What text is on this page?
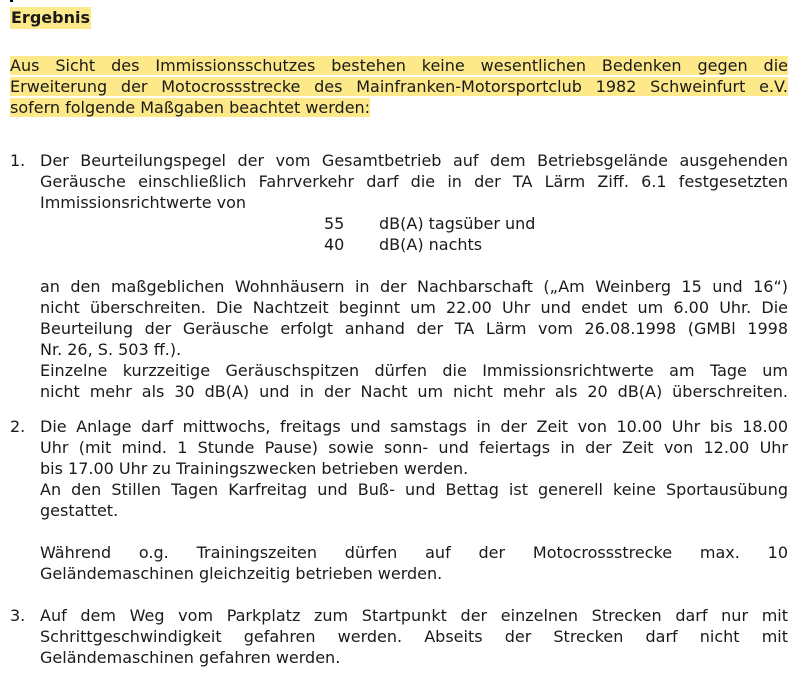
Ergebnis
Aus Sicht des Immissionsschutzes bestehen keine wesentlichen Bedenken gegen die
Erweiterung der Motocrossstrecke des Mainfranken-Motorsportclub 1982 Schweinfurt e.V.
sofern folgende Maßgaben beachtet werden:
1. Der Beurteilungspegel der vom Gesamtbetrieb auf dem Betriebsgelände ausgehenden
Geräusche einschließlich Fahrverkehr darf die in der TA Lärm Ziff. 6.1 festgesetzten
Immissionsrichtwerte von
55 dB(A) tagsüber und
40 dB(A) nachts
an den maßgeblichen Wohnhäusern in der Nachbarschaft („Am Weinberg 15 und 16“)
nicht überschreiten. Die Nachtzeit beginnt um 22.00 Uhr und endet um 6.00 Uhr. Die
Beurteilung der Geräusche erfolgt anhand der TA Lärm vom 26.08.1998 (GMBl 1998
Nr. 26, S. 503 ff.).
Einzelne kurzzeitige Geräuschspitzen dürfen die Immissionsrichtwerte am Tage um
nicht mehr als 30 dB(A) und in der Nacht um nicht mehr als 20 dB(A) überschreiten.
2. Die Anlage darf mittwochs, freitags und samstags in der Zeit von 10.00 Uhr bis 18.00
Uhr (mit mind. 1 Stunde Pause) sowie sonn- und feiertags in der Zeit von 12.00 Uhr
bis 17.00 Uhr zu Trainingszwecken betrieben werden.
An den Stillen Tagen Karfreitag und Buß- und Bettag ist generell keine Sportausübung
gestattet.
Während o.g. Trainingszeiten dürfen auf der Motocrossstrecke max. 10
Geländemaschinen gleichzeitig betrieben werden.
3. Auf dem Weg vom Parkplatz zum Startpunkt der einzelnen Strecken darf nur mit
Schrittgeschwindigkeit gefahren werden. Abseits der Strecken darf nicht mit
Geländemaschinen gefahren werden.
